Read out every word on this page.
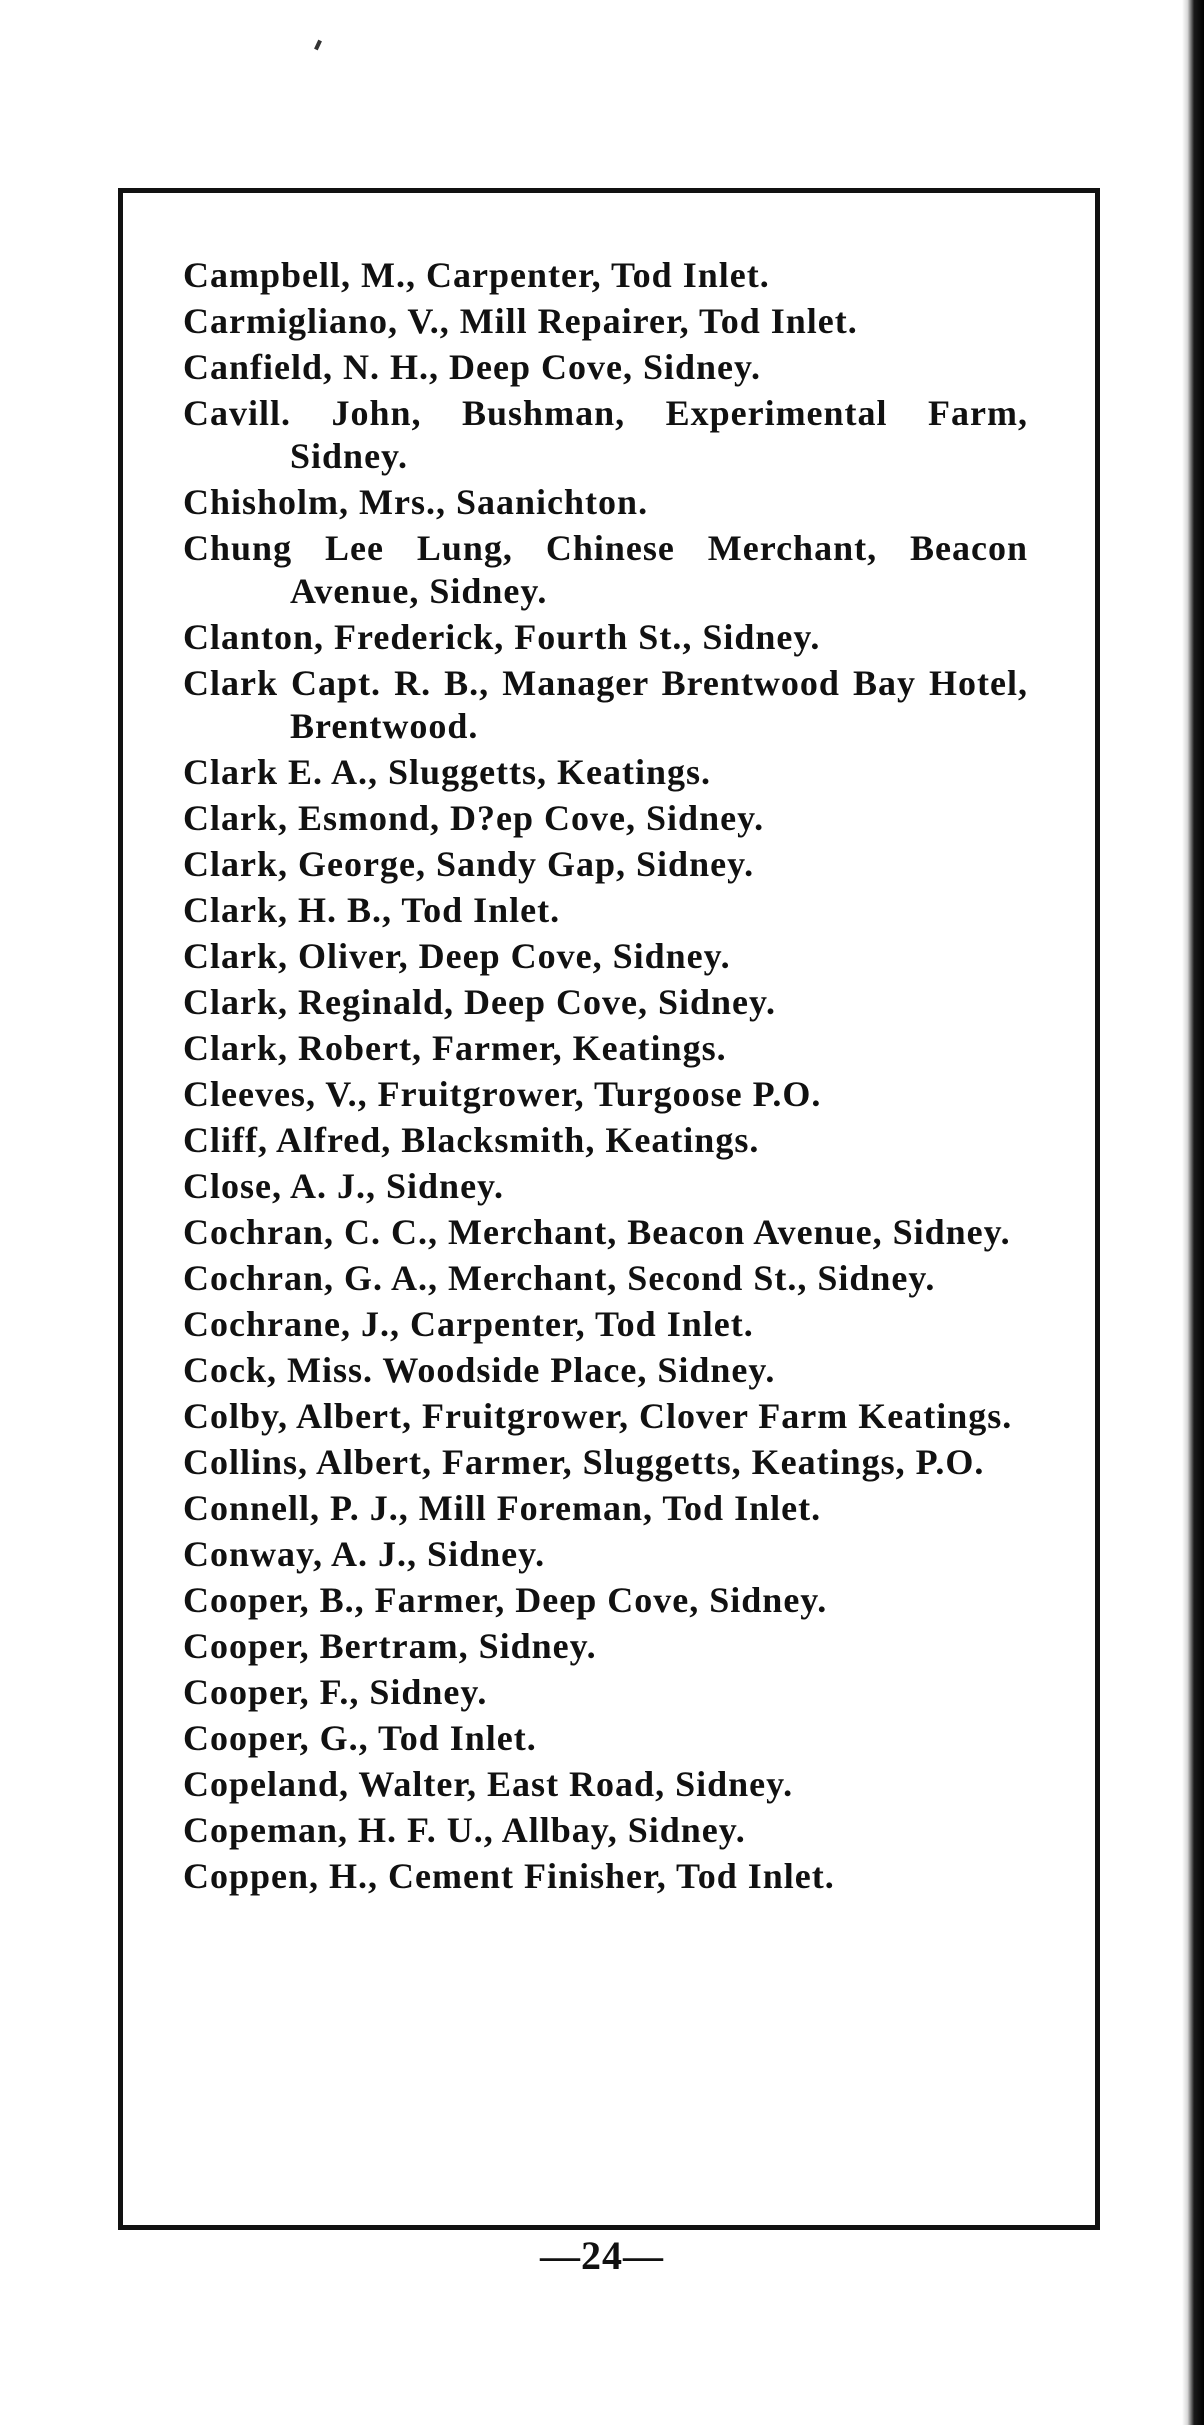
Campbell, M., Carpenter, Tod Inlet.
Carmigliano, V., Mill Repairer, Tod Inlet.
Canfield, N. H., Deep Cove, Sidney.
Cavill. John, Bushman, Experimental Farm, Sidney.
Chisholm, Mrs., Saanichton.
Chung Lee Lung, Chinese Merchant, Beacon Avenue, Sidney.
Clanton, Frederick, Fourth St., Sidney.
Clark Capt. R. B., Manager Brentwood Bay Hotel, Brentwood.
Clark E. A., Sluggetts, Keatings.
Clark, Esmond, D?ep Cove, Sidney.
Clark, George, Sandy Gap, Sidney.
Clark, H. B., Tod Inlet.
Clark, Oliver, Deep Cove, Sidney.
Clark, Reginald, Deep Cove, Sidney.
Clark, Robert, Farmer, Keatings.
Cleeves, V., Fruitgrower, Turgoose P.O.
Cliff, Alfred, Blacksmith, Keatings.
Close, A. J., Sidney.
Cochran, C. C., Merchant, Beacon Avenue, Sidney.
Cochran, G. A., Merchant, Second St., Sidney.
Cochrane, J., Carpenter, Tod Inlet.
Cock, Miss. Woodside Place, Sidney.
Colby, Albert, Fruitgrower, Clover Farm Keatings.
Collins, Albert, Farmer, Sluggetts, Keatings, P.O.
Connell, P. J., Mill Foreman, Tod Inlet.
Conway, A. J., Sidney.
Cooper, B., Farmer, Deep Cove, Sidney.
Cooper, Bertram, Sidney.
Cooper, F., Sidney.
Cooper, G., Tod Inlet.
Copeland, Walter, East Road, Sidney.
Copeman, H. F. U., Allbay, Sidney.
Coppen, H., Cement Finisher, Tod Inlet.
—24—
